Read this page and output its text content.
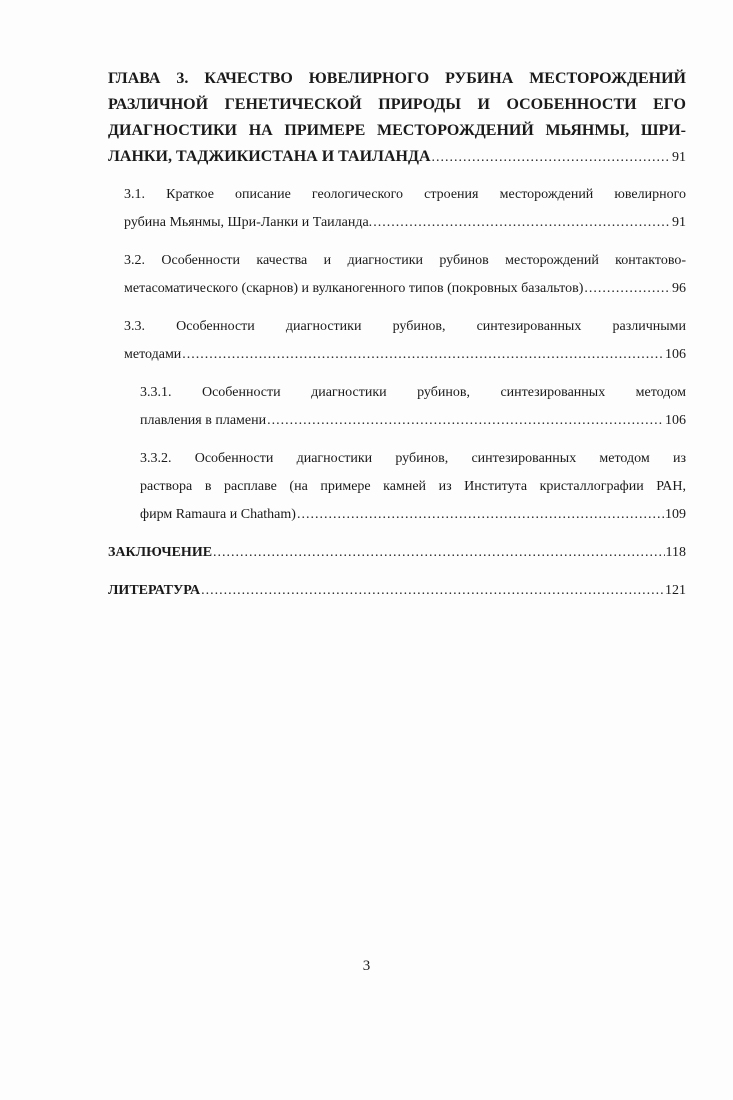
ГЛАВА 3. КАЧЕСТВО ЮВЕЛИРНОГО РУБИНА МЕСТОРОЖДЕНИЙ
РАЗЛИЧНОЙ ГЕНЕТИЧЕСКОЙ ПРИРОДЫ И ОСОБЕННОСТИ ЕГО
ДИАГНОСТИКИ НА ПРИМЕРЕ МЕСТОРОЖДЕНИЙ МЬЯНМЫ, ШРИ-
ЛАНКИ, ТАДЖИКИСТАНА И ТАИЛАНДА .....	91
3.1. Краткое описание геологического строения месторождений ювелирного
рубина Мьянмы, Шри-Ланки и Таиланда. .....	91
3.2. Особенности качества и диагностики рубинов месторождений контактово-
метасоматического (скарнов) и вулканогенного типов (покровных базальтов) .....	96
3.3. Особенности диагностики рубинов, синтезированных различными
методами .....	106
3.3.1. Особенности диагностики рубинов, синтезированных методом
плавления в пламени .....	106
3.3.2. Особенности диагностики рубинов, синтезированных методом из
раствора в расплаве (на примере камней из Института кристаллографии РАН,
фирм Ramaura и Chatham) .....	109
ЗАКЛЮЧЕНИЕ .....	118
ЛИТЕРАТУРА .....	121
3
